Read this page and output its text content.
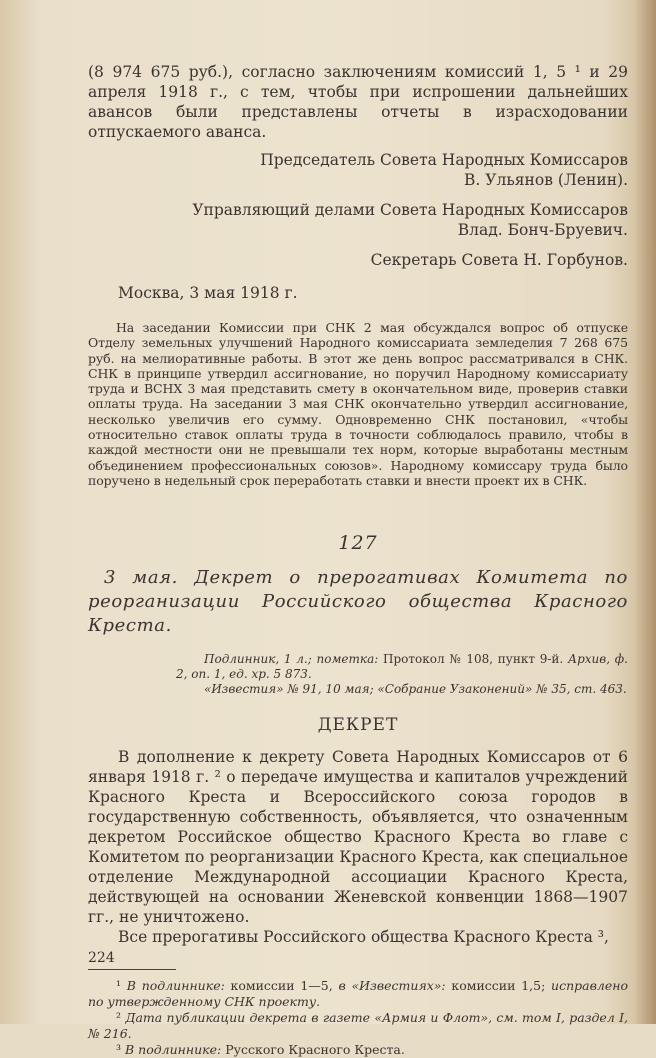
(8 974 675 руб.), согласно заключениям комиссий 1, 5 ¹ и 29 апреля 1918 г., с тем, чтобы при испрошении дальнейших авансов были представлены отчеты в израсходовании отпускаемого аванса.

Председатель Совета Народных Комиссаров

В. Ульянов (Ленин).

Управляющий делами Совета Народных Комиссаров

Влад. Бонч-Бруевич.

Секретарь Совета Н. Горбунов.

Москва, 3 мая 1918 г.

На заседании Комиссии при СНК 2 мая обсуждался вопрос об отпуске Отделу земельных улучшений Народного комиссариата земледелия 7 268 675 руб. на мелиоративные работы. В этот же день вопрос рассматривался в СНК. СНК в принципе утвердил ассигнование, но поручил Народному комиссариату труда и ВСНХ 3 мая представить смету в окончательном виде, проверив ставки оплаты труда. На заседании 3 мая СНК окончательно утвердил ассигнование, несколько увеличив его сумму. Одновременно СНК постановил, «чтобы относительно ставок оплаты труда в точности соблюдалось правило, чтобы в каждой местности они не превышали тех норм, которые выработаны местным объединением профессиональных союзов». Народному комиссару труда было поручено в недельный срок переработать ставки и внести проект их в СНК.

127

3 мая. Декрет о прерогативах Комитета по реорганизации Российского общества Красного Креста.

Подлинник, 1 л.; пометка: Протокол № 108, пункт 9-й. Архив, ф. 2, оп. 1, ед. хр. 5 873.

«Известия» № 91, 10 мая; «Собрание Узаконений» № 35, ст. 463.

ДЕКРЕТ

В дополнение к декрету Совета Народных Комиссаров от 6 января 1918 г. ² о передаче имущества и капиталов учреждений Красного Креста и Всероссийского союза городов в государственную собственность, объявляется, что означенным декретом Российское общество Красного Креста во главе с Комитетом по реорганизации Красного Креста, как специальное отделение Международной ассоциации Красного Креста, действующей на основании Женевской конвенции 1868—1907 гг., не уничтожено.

Все прерогативы Российского общества Красного Креста ³,

¹ В подлиннике: комиссии 1—5, в «Известиях»: комиссии 1,5; исправлено по утвержденному СНК проекту.

² Дата публикации декрета в газете «Армия и Флот», см. том I, раздел I, № 216.

³ В подлиннике: Русского Красного Креста.

224
